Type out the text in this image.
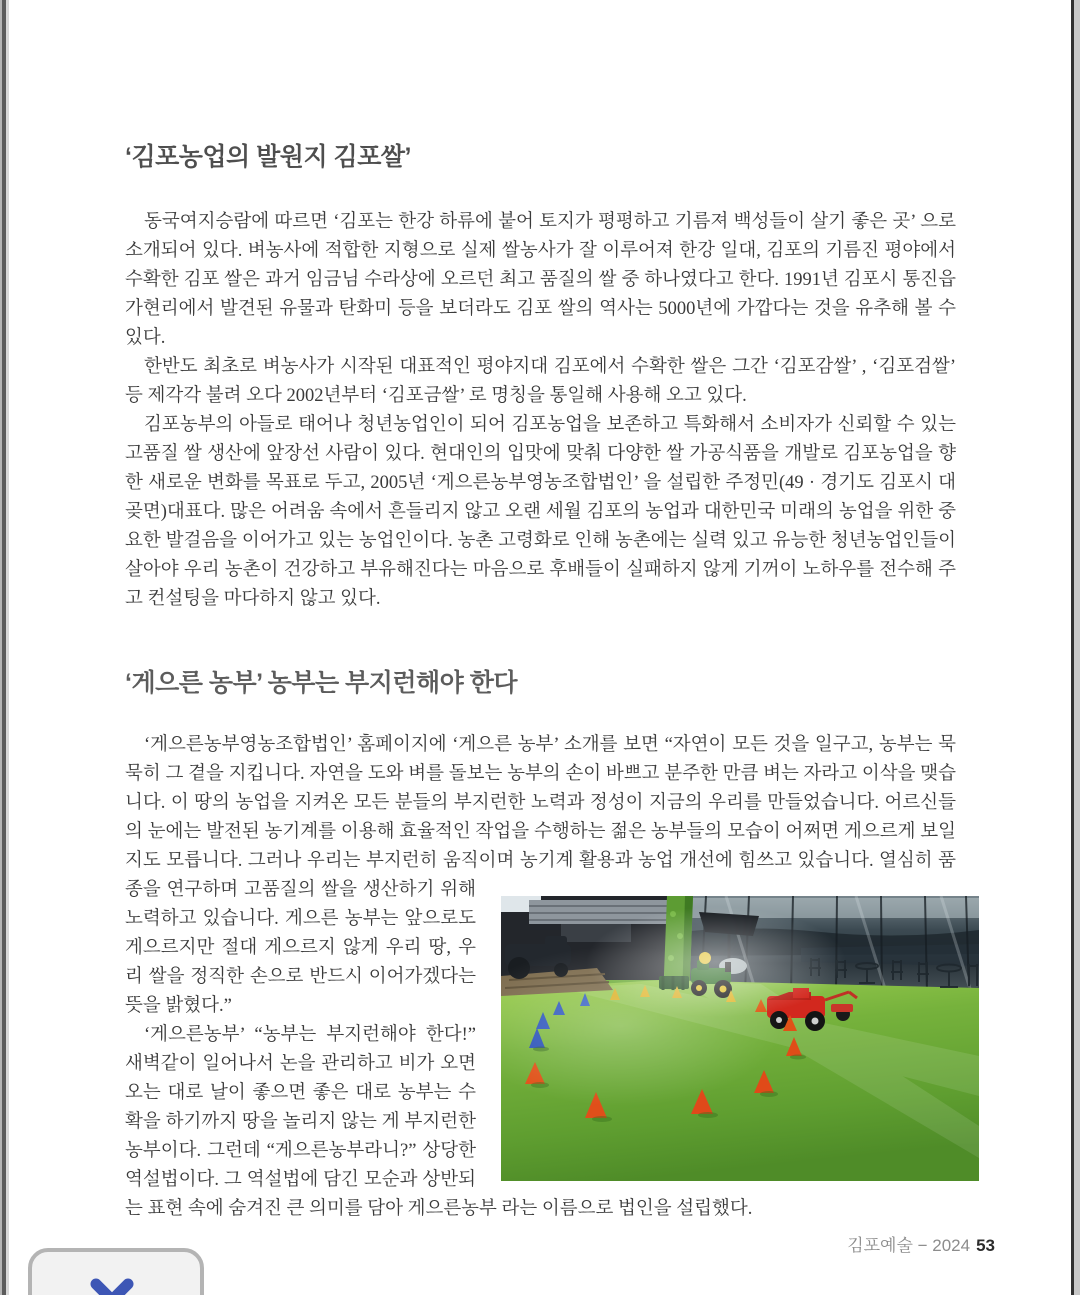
‘김포농업의 발원지 김포쌀’

동국여지승람에 따르면 ‘김포는 한강 하류에 붙어 토지가 평평하고 기름져 백성들이 살기 좋은 곳’ 으로 소개되어 있다. 벼농사에 적합한 지형으로 실제 쌀농사가 잘 이루어져 한강 일대, 김포의 기름진 평야에서 수확한 김포 쌀은 과거 임금님 수라상에 오르던 최고 품질의 쌀 중 하나였다고 한다. 1991년 김포시 통진읍 가현리에서 발견된 유물과 탄화미 등을 보더라도 김포 쌀의 역사는 5000년에 가깝다는 것을 유추해 볼 수 있다.

한반도 최초로 벼농사가 시작된 대표적인 평야지대 김포에서 수확한 쌀은 그간 ‘김포감쌀’ , ‘김포검쌀’ 등 제각각 불려 오다 2002년부터 ‘김포금쌀’ 로 명칭을 통일해 사용해 오고 있다.

김포농부의 아들로 태어나 청년농업인이 되어 김포농업을 보존하고 특화해서 소비자가 신뢰할 수 있는 고품질 쌀 생산에 앞장선 사람이 있다. 현대인의 입맛에 맞춰 다양한 쌀 가공식품을 개발로 김포농업을 향한 새로운 변화를 목표로 두고, 2005년 ‘게으른농부영농조합법인’ 을 설립한 주정민(49 · 경기도 김포시 대곶면)대표다. 많은 어려움 속에서 흔들리지 않고 오랜 세월 김포의 농업과 대한민국 미래의 농업을 위한 중요한 발걸음을 이어가고 있는 농업인이다. 농촌 고령화로 인해 농촌에는 실력 있고 유능한 청년농업인들이 살아야 우리 농촌이 건강하고 부유해진다는 마음으로 후배들이 실패하지 않게 기꺼이 노하우를 전수해 주고 컨설팅을 마다하지 않고 있다.

‘게으른 농부’ 농부는 부지런해야 한다

‘게으른농부영농조합법인’ 홈페이지에 ‘게으른 농부’ 소개를 보면 “자연이 모든 것을 일구고, 농부는 묵묵히 그 곁을 지킵니다. 자연을 도와 벼를 돌보는 농부의 손이 바쁘고 분주한 만큼 벼는 자라고 이삭을 맺습니다. 이 땅의 농업을 지켜온 모든 분들의 부지런한 노력과 정성이 지금의 우리를 만들었습니다. 어르신들의 눈에는 발전된 농기계를 이용해 효율적인 작업을 수행하는 젊은 농부들의 모습이 어쩌면 게으르게 보일지도 모릅니다. 그러나 우리는 부지런히 움직이며 농기계 활용과 농업 개선에 힘쓰고 있습니
다. 열심히 품종을 연구하며 고품질의 쌀을 생산하기 위해 노력하고 있습니다. 게으른 농부는 앞으로도 게으르지만 절대 게으르지 않게 우리 땅, 우리 쌀을 정직한 손으로 반드시 이어가겠다는 뜻을 밝혔다.”

‘게으른농부’ “농부는 부지런해야 한다!” 새벽같이 일어나서 논을 관리하고 비가 오면 오는 대로 날이 좋으면 좋은 대로 농부는 수확을 하기까지 땅을 놀리지 않는 게 부지런한 농부이다. 그런데 “게으른농부라니?” 상당한 역설법이다. 그 역설법에 담긴 모순과 상반되는 표현 속에 숨겨진 큰 의미를 담아 게으른농부 라는 이름으로 법인을 설립했다.

김포예술 − 2024 53
